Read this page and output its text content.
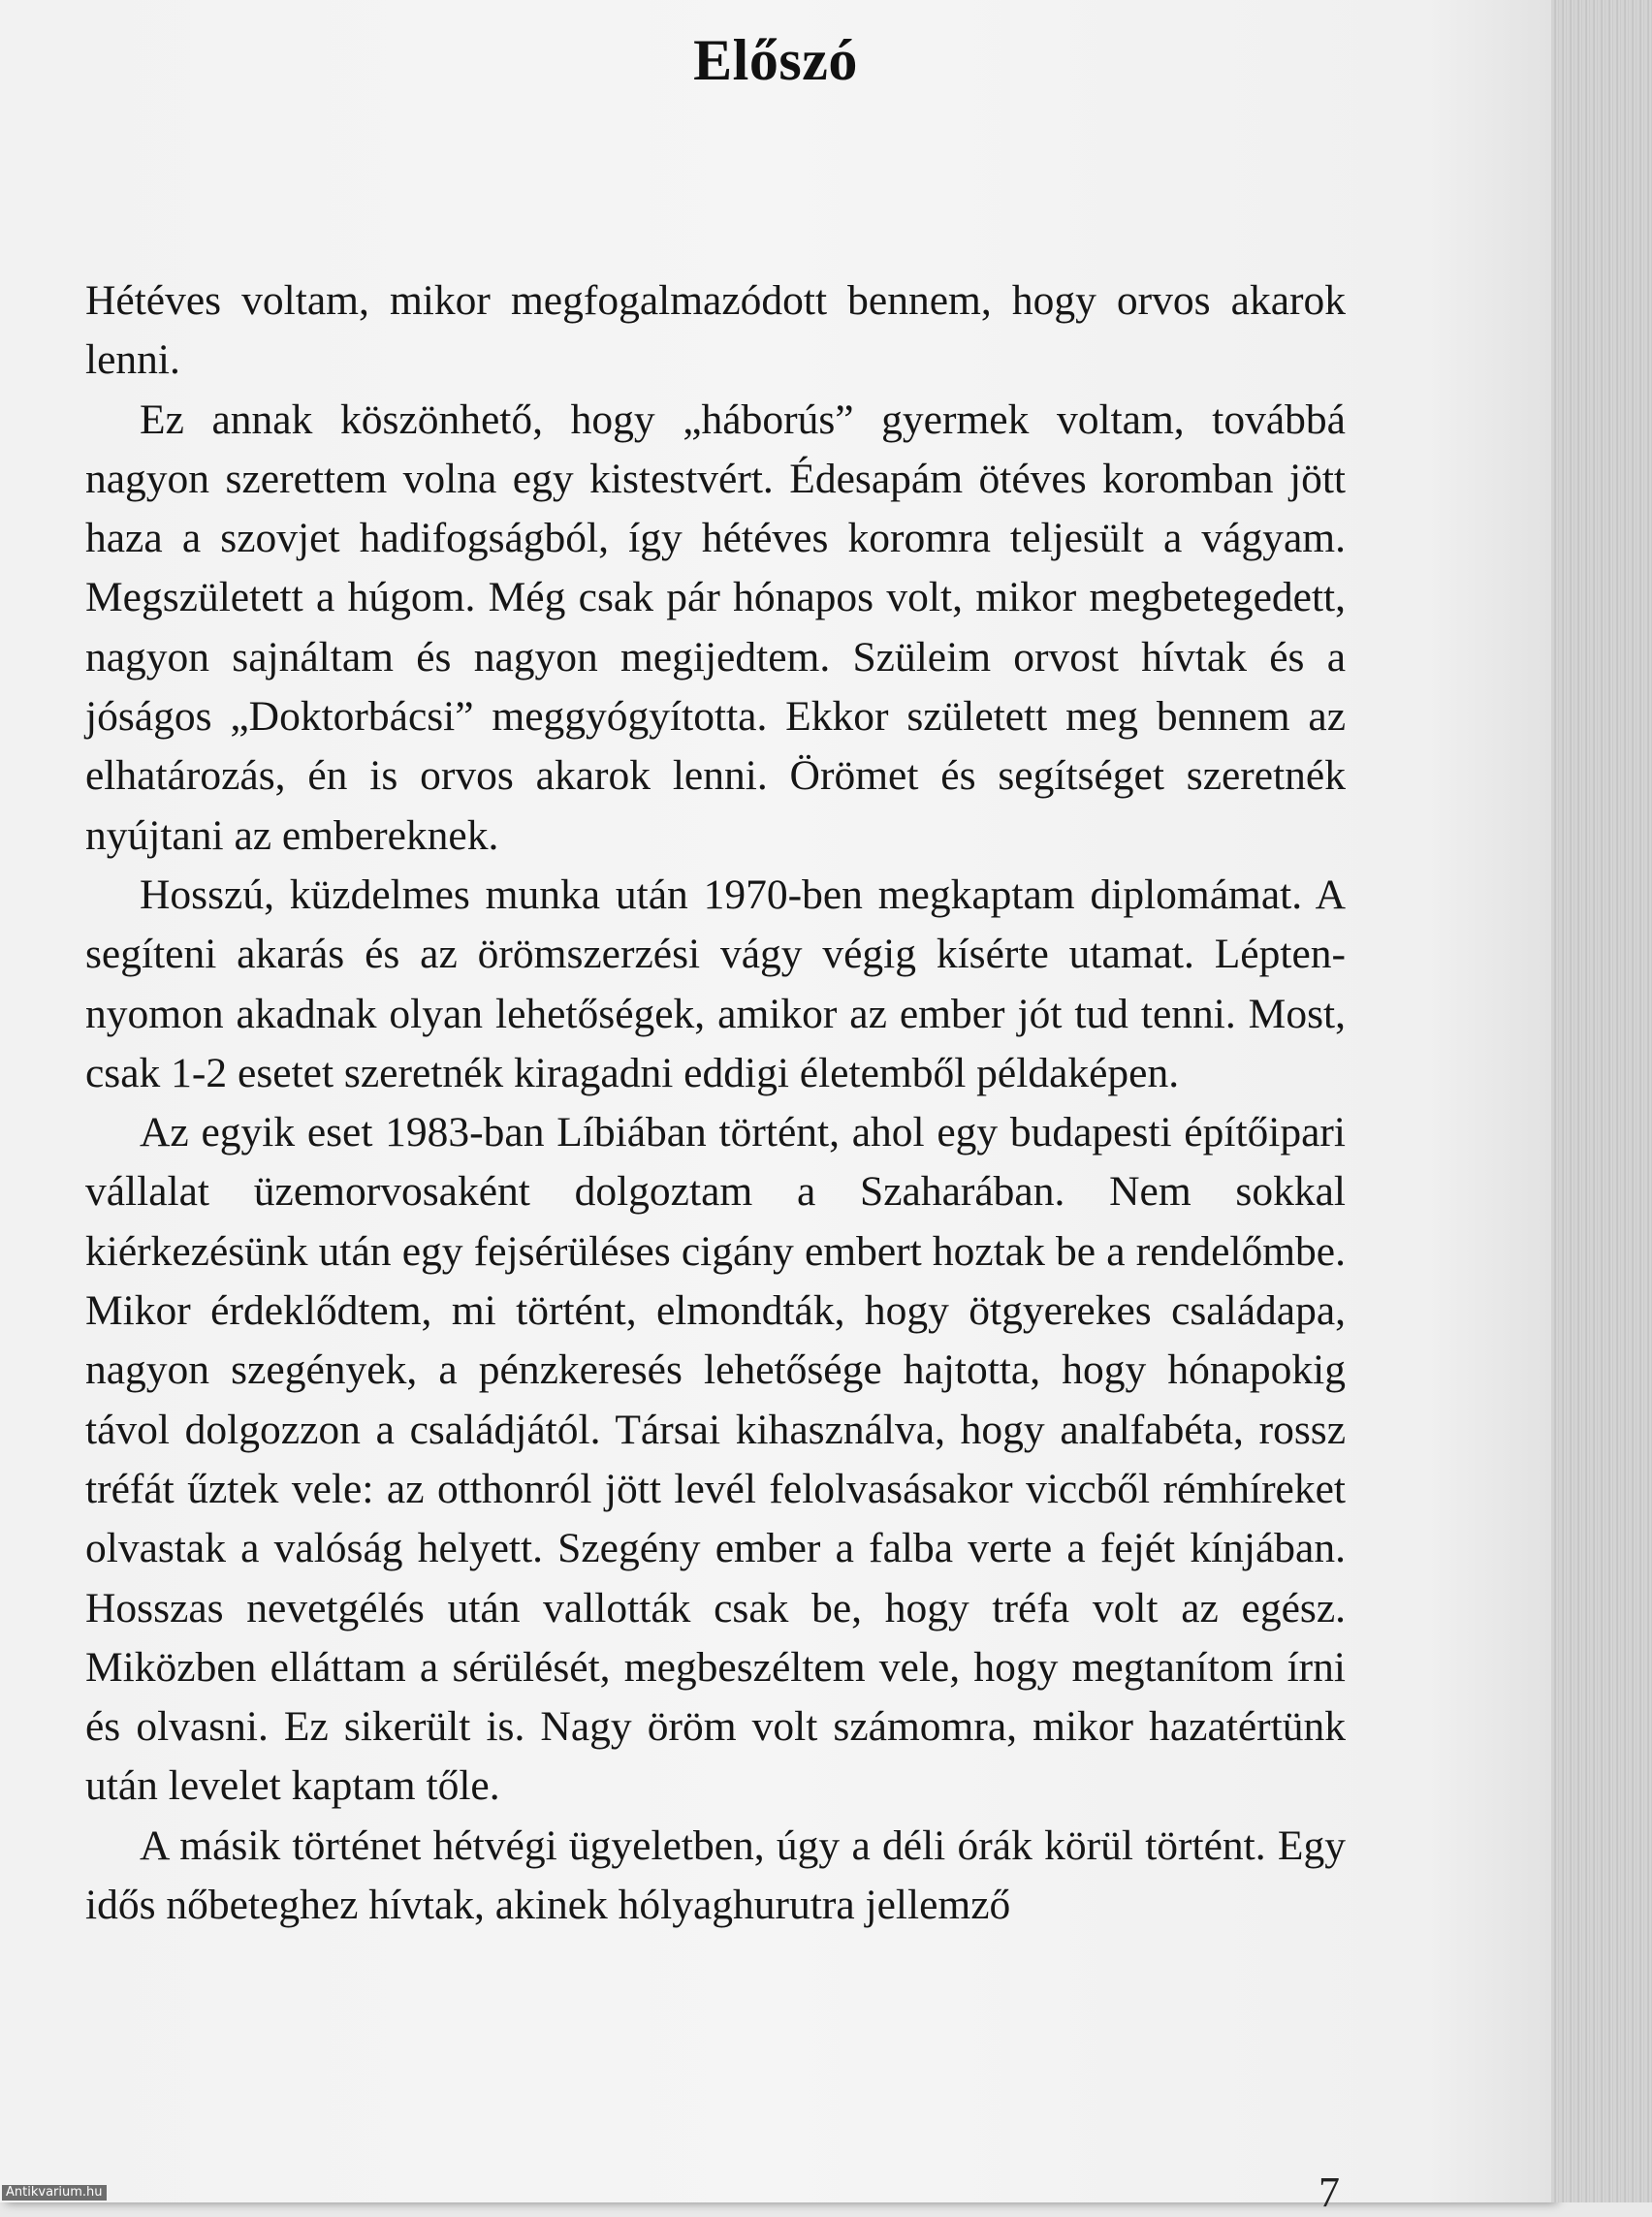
Előszó

Hétéves voltam, mikor megfogalmazódott bennem, hogy orvos akarok lenni.

Ez annak köszönhető, hogy „háborús” gyermek voltam, továbbá nagyon szerettem volna egy kistestvért. Édesapám ötéves koromban jött haza a szovjet hadifogságból, így hétéves koromra teljesült a vágyam. Megszületett a húgom. Még csak pár hónapos volt, mikor megbetegedett, nagyon sajnáltam és nagyon megijedtem. Szüleim orvost hívtak és a jóságos „Doktorbácsi” meggyógyította. Ekkor született meg bennem az elhatározás, én is orvos akarok lenni. Örömet és segítséget szeretnék nyújtani az embereknek.

Hosszú, küzdelmes munka után 1970-ben megkaptam diplomámat. A segíteni akarás és az örömszerzési vágy végig kísérte utamat. Lépten-nyomon akadnak olyan lehetőségek, amikor az ember jót tud tenni. Most, csak 1-2 esetet szeretnék kiragadni eddigi életemből példaképen.

Az egyik eset 1983-ban Líbiában történt, ahol egy budapesti építőipari vállalat üzemorvosaként dolgoztam a Szaharában. Nem sokkal kiérkezésünk után egy fejsérüléses cigány embert hoztak be a rendelőmbe. Mikor érdeklődtem, mi történt, elmondták, hogy ötgyerekes családapa, nagyon szegények, a pénzkeresés lehetősége hajtotta, hogy hónapokig távol dolgozzon a családjától. Társai kihasználva, hogy analfabéta, rossz tréfát űztek vele: az otthonról jött levél felolvasásakor viccből rémhíreket olvastak a valóság helyett. Szegény ember a falba verte a fejét kínjában. Hosszas nevetgélés után vallották csak be, hogy tréfa volt az egész. Miközben elláttam a sérülését, megbeszéltem vele, hogy megtanítom írni és olvasni. Ez sikerült is. Nagy öröm volt számomra, mikor hazatértünk után levelet kaptam tőle.

A másik történet hétvégi ügyeletben, úgy a déli órák körül történt. Egy idős nőbeteghez hívtak, akinek hólyaghurutra jellemző

7
Antikvarium.hu
